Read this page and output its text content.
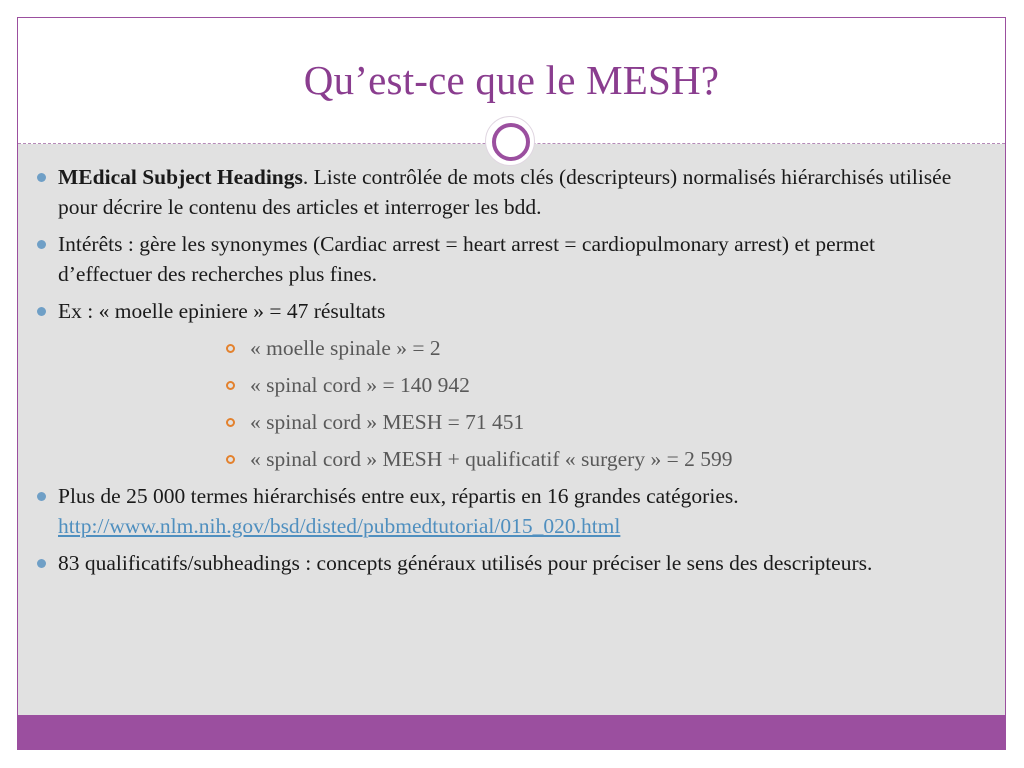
Qu’est-ce que le MESH?
MEdical Subject Headings. Liste contrôlée de mots clés (descripteurs) normalisés hiérarchisés utilisée pour décrire le contenu des articles et interroger les bdd.
Intérêts : gère les synonymes (Cardiac arrest = heart arrest = cardiopulmonary arrest) et permet d’effectuer des recherches plus fines.
Ex : « moelle epiniere » = 47 résultats
« moelle spinale » = 2
« spinal cord » = 140 942
« spinal cord » MESH = 71 451
« spinal cord » MESH + qualificatif « surgery » = 2 599
Plus de 25 000 termes hiérarchisés entre eux, répartis en 16 grandes catégories.
http://www.nlm.nih.gov/bsd/disted/pubmedtutorial/015_020.html
83 qualificatifs/subheadings : concepts généraux utilisés pour préciser le sens des descripteurs.
